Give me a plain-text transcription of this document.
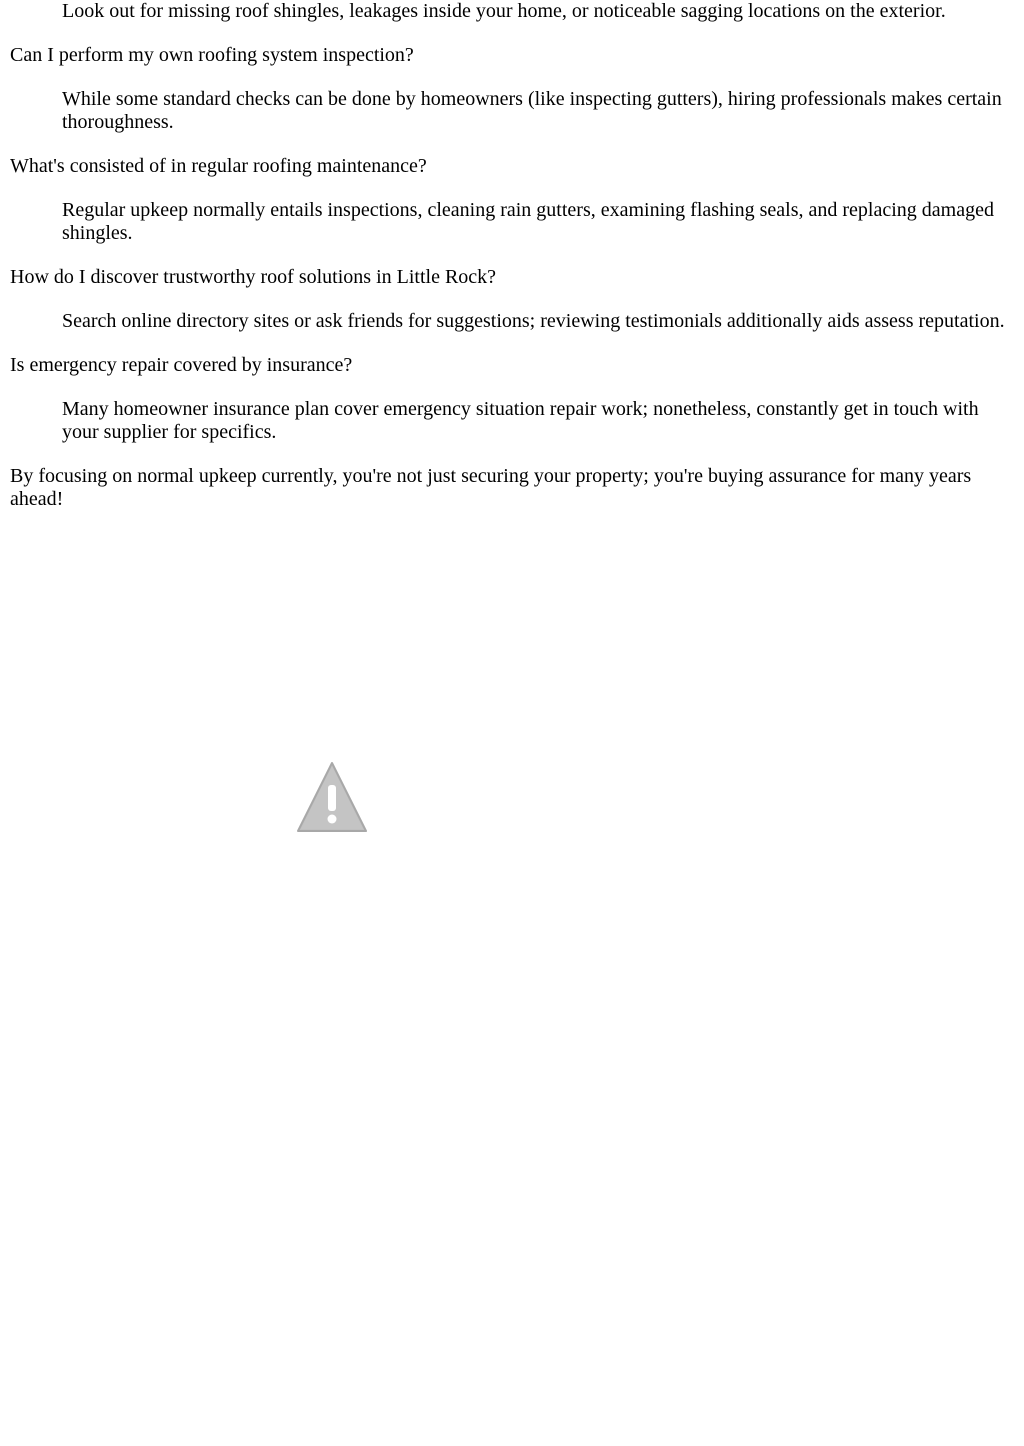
Look out for missing roof shingles, leakages inside your home, or noticeable sagging locations on the exterior.
Can I perform my own roofing system inspection?
While some standard checks can be done by homeowners (like inspecting gutters), hiring professionals makes certain thoroughness.
What's consisted of in regular roofing maintenance?
Regular upkeep normally entails inspections, cleaning rain gutters, examining flashing seals, and replacing damaged shingles.
How do I discover trustworthy roof solutions in Little Rock?
Search online directory sites or ask friends for suggestions; reviewing testimonials additionally aids assess reputation.
Is emergency repair covered by insurance?
Many homeowner insurance plan cover emergency situation repair work; nonetheless, constantly get in touch with your supplier for specifics.

By focusing on normal upkeep currently, you're not just securing your property; you're buying assurance for many years ahead!
